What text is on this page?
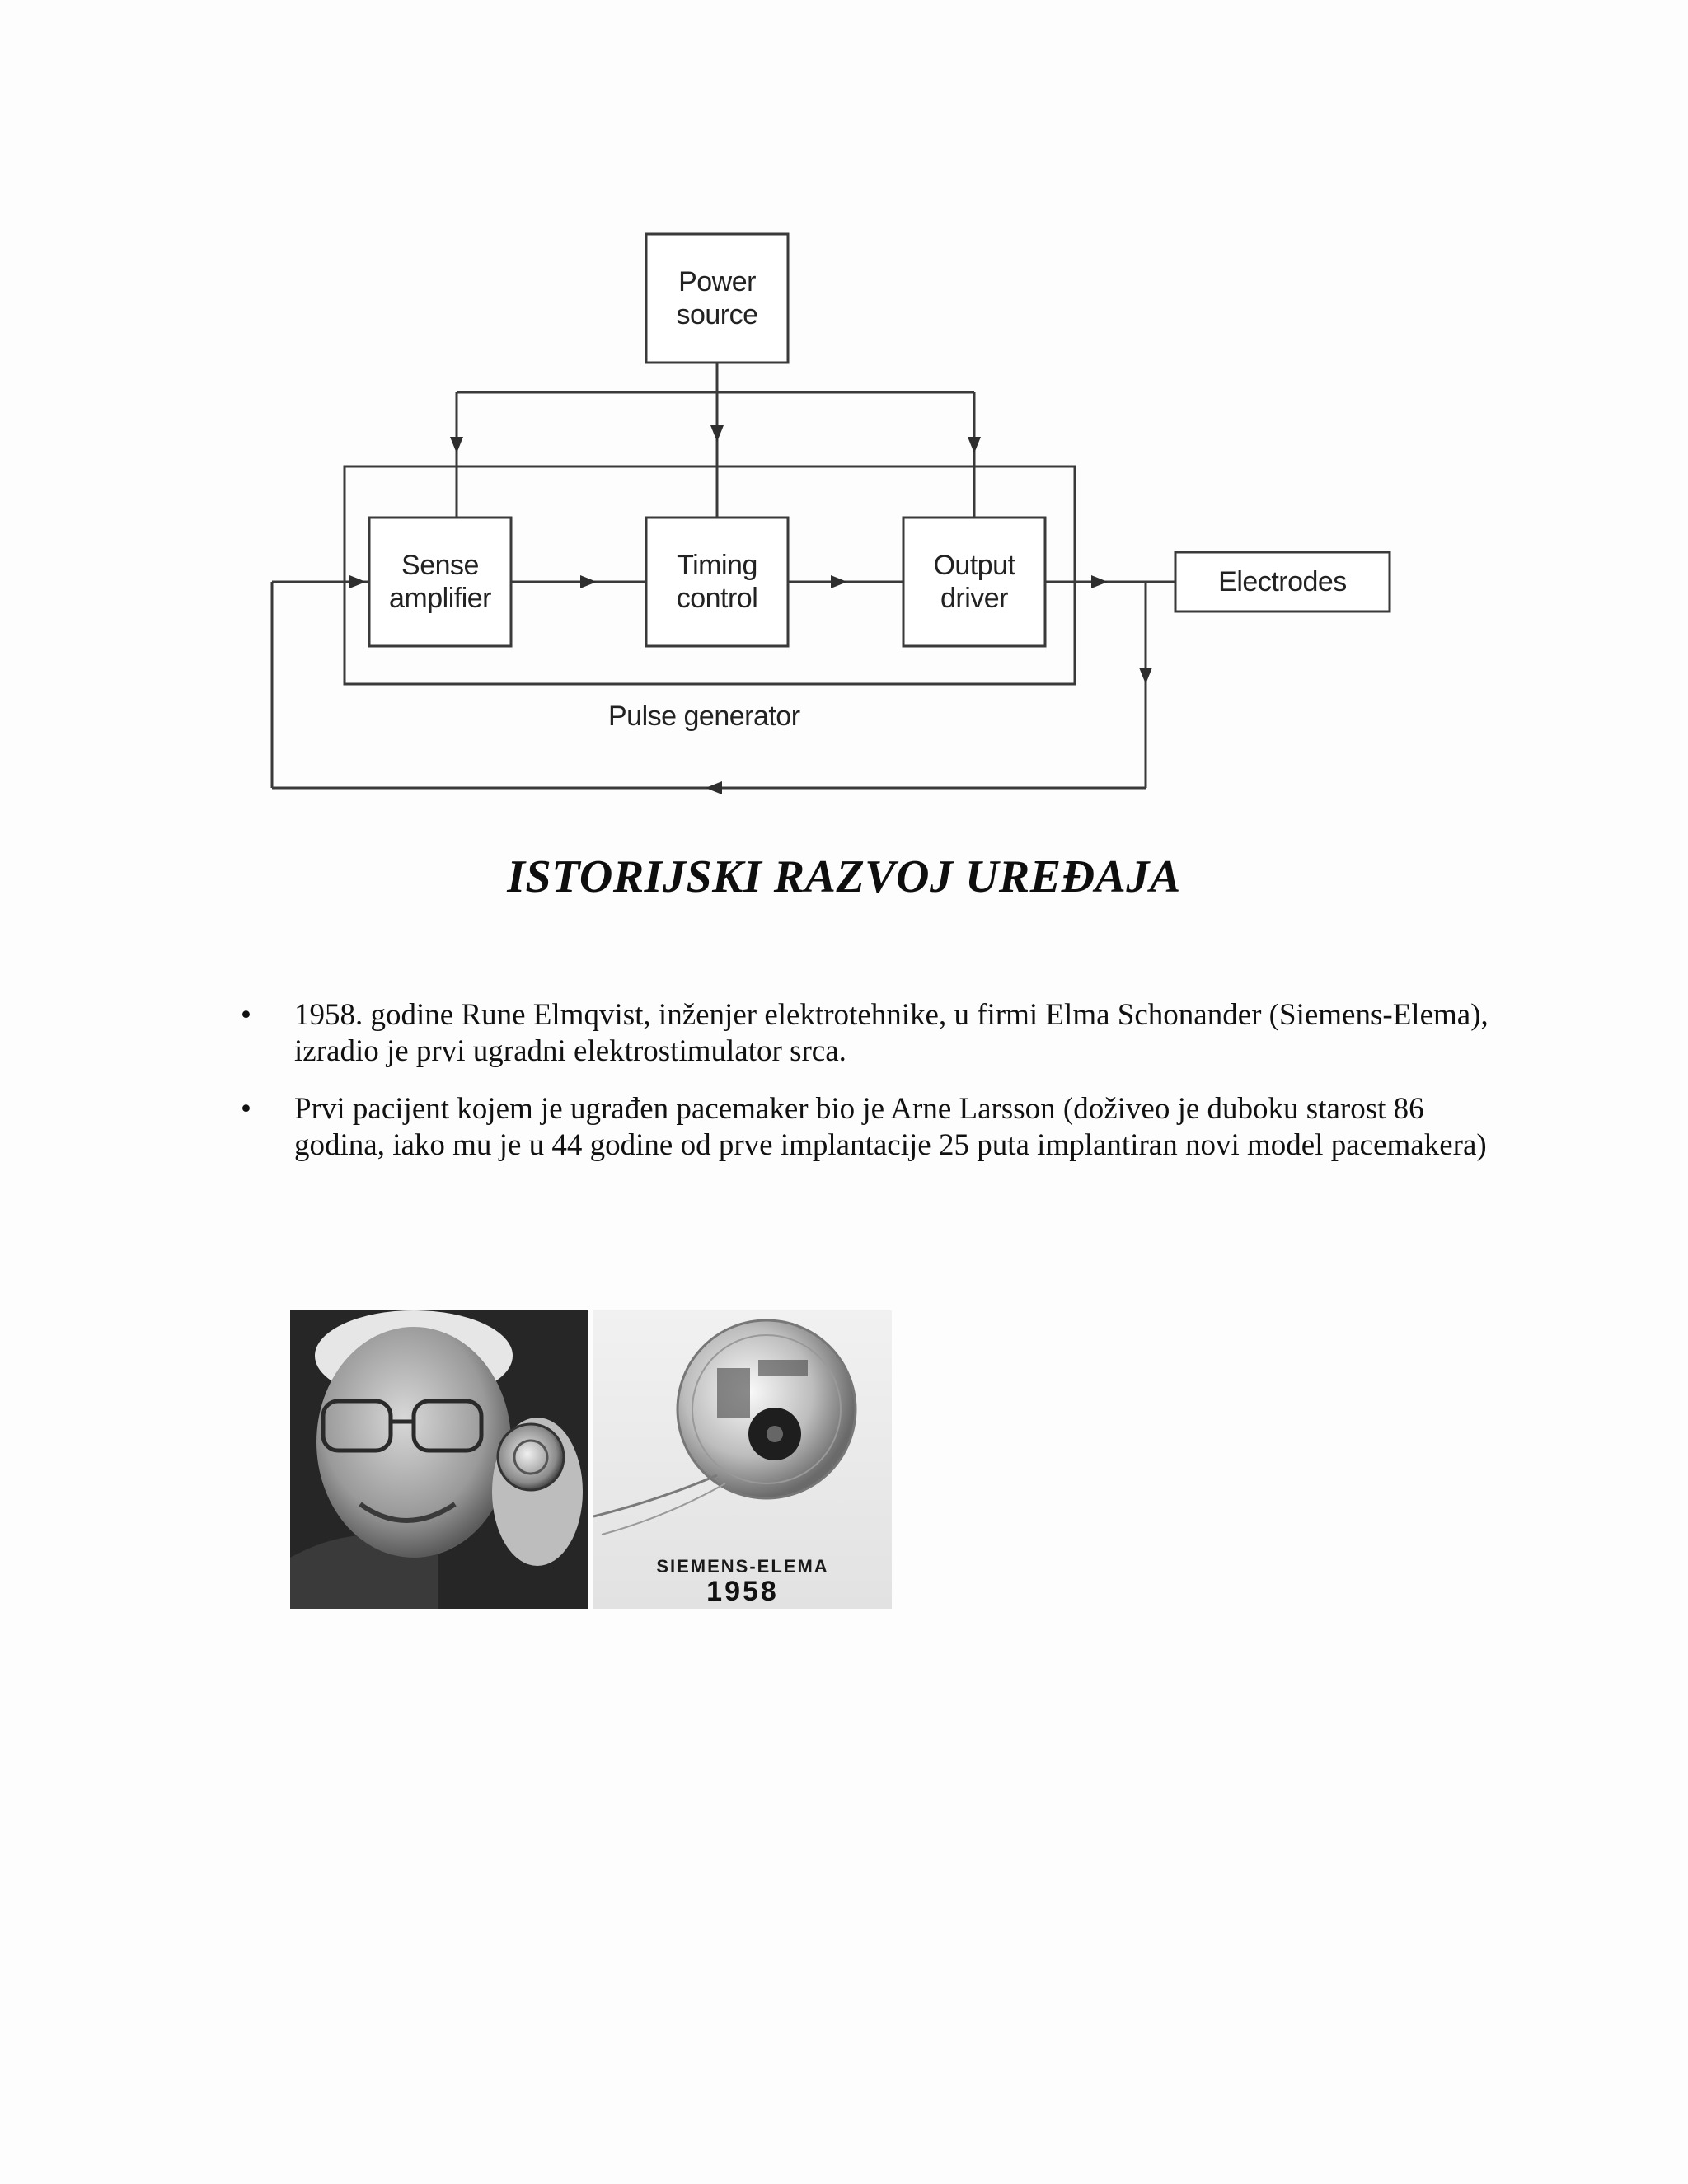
Power
source
Sense
amplifier
Timing
control
Output
driver
Electrodes
Pulse generator
ISTORIJSKI RAZVOJ UREĐAJA
• 1958. godine Rune Elmqvist, inženjer elektrotehnike, u firmi Elma Schonander (Siemens-Elema), izradio je prvi ugradni elektrostimulator srca.
• Prvi pacijent kojem je ugrađen pacemaker bio je Arne Larsson (doživeo je duboku starost 86 godina, iako mu je u 44 godine od prve implantacije 25 puta implantiran novi model pacemakera)
SIEMENS-ELEMA
1958
